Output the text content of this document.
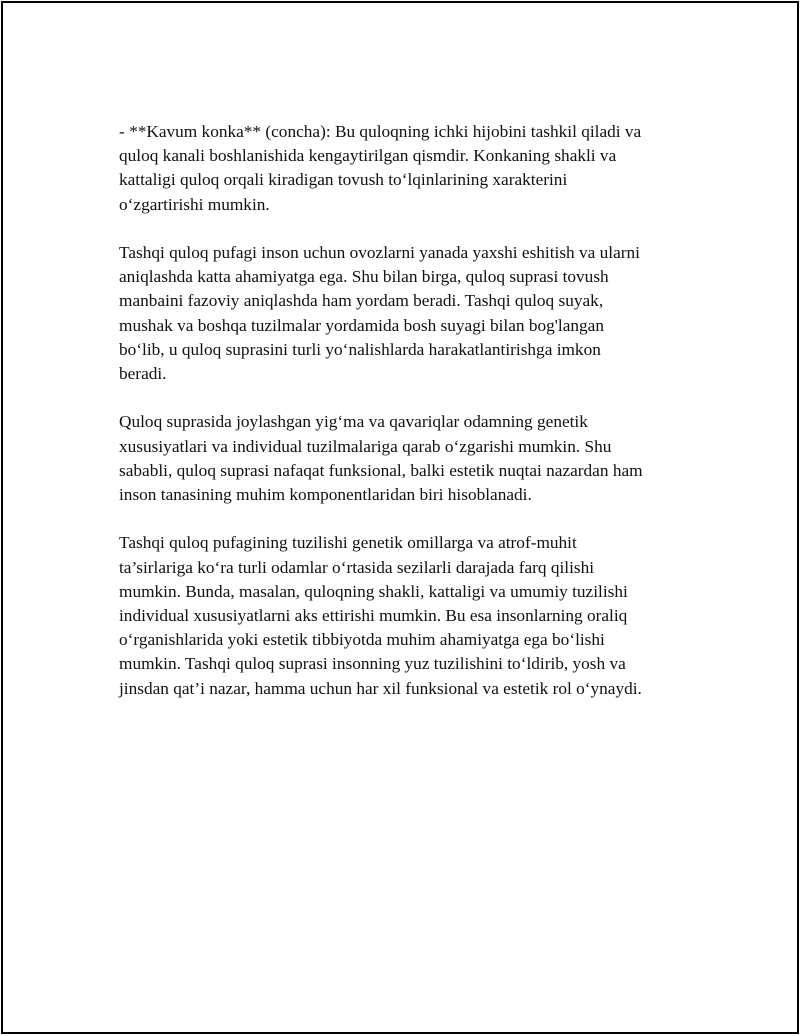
- **Kavum konka** (concha): Bu quloqning ichki hijobini tashkil qiladi va
quloq kanali boshlanishida kengaytirilgan qismdir. Konkaning shakli va
kattaligi quloq orqali kiradigan tovush to‘lqinlarining xarakterini
o‘zgartirishi mumkin.

Tashqi quloq pufagi inson uchun ovozlarni yanada yaxshi eshitish va ularni
aniqlashda katta ahamiyatga ega. Shu bilan birga, quloq suprasi tovush
manbaini fazoviy aniqlashda ham yordam beradi. Tashqi quloq suyak,
mushak va boshqa tuzilmalar yordamida bosh suyagi bilan bog'langan
bo‘lib, u quloq suprasini turli yo‘nalishlarda harakatlantirishga imkon
beradi.

Quloq suprasida joylashgan yig‘ma va qavariqlar odamning genetik
xususiyatlari va individual tuzilmalariga qarab o‘zgarishi mumkin. Shu
sababli, quloq suprasi nafaqat funksional, balki estetik nuqtai nazardan ham
inson tanasining muhim komponentlaridan biri hisoblanadi.

Tashqi quloq pufagining tuzilishi genetik omillarga va atrof-muhit
ta’sirlariga ko‘ra turli odamlar o‘rtasida sezilarli darajada farq qilishi
mumkin. Bunda, masalan, quloqning shakli, kattaligi va umumiy tuzilishi
individual xususiyatlarni aks ettirishi mumkin. Bu esa insonlarning oraliq
o‘rganishlarida yoki estetik tibbiyotda muhim ahamiyatga ega bo‘lishi
mumkin. Tashqi quloq suprasi insonning yuz tuzilishini to‘ldirib, yosh va
jinsdan qat’i nazar, hamma uchun har xil funksional va estetik rol o‘ynaydi.
